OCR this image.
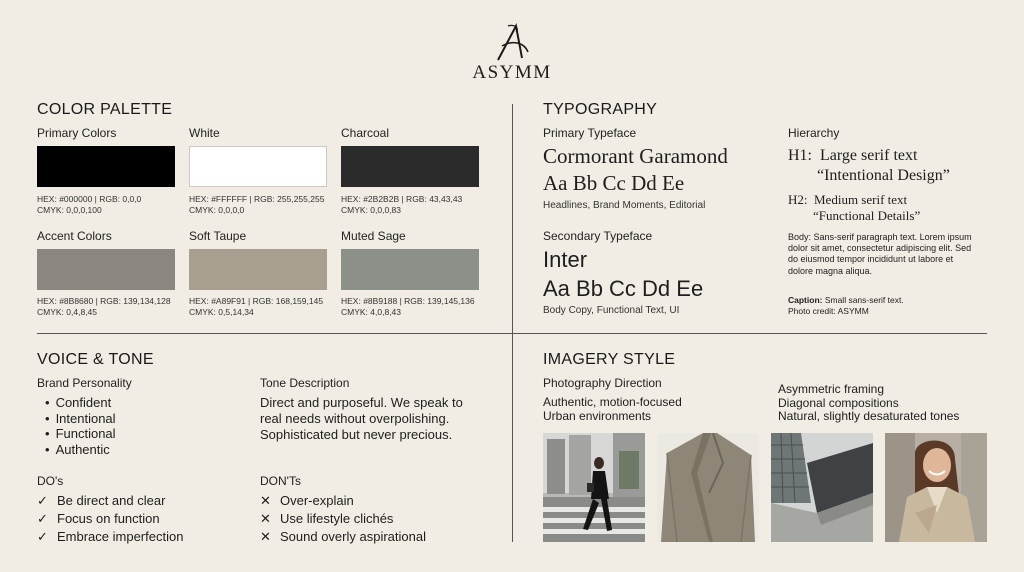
ASYMM
COLOR PALETTE
Primary Colors	White	Charcoal
HEX: #000000 | RGB: 0,0,0
CMYK: 0,0,0,100
HEX: #FFFFFF | RGB: 255,255,255
CMYK: 0,0,0,0
HEX: #2B2B2B | RGB: 43,43,43
CMYK: 0,0,0,83
Accent Colors	Soft Taupe	Muted Sage
HEX: #8B8680 | RGB: 139,134,128
CMYK: 0,4,8,45
HEX: #A89F91 | RGB: 168,159,145
CMYK: 0,5,14,34
HEX: #8B9188 | RGB: 139,145,136
CMYK: 4,0,8,43
TYPOGRAPHY
Primary Typeface
Cormorant Garamond
Aa Bb Cc Dd Ee
Headlines, Brand Moments, Editorial
Secondary Typeface
Inter
Aa Bb Cc Dd Ee
Body Copy, Functional Text, UI
Hierarchy
H1: Large serif text
“Intentional Design”
H2: Medium serif text
“Functional Details”
Body: Sans-serif paragraph text. Lorem ipsum dolor sit amet, consectetur adipiscing elit. Sed do eiusmod tempor incididunt ut labore et dolore magna aliqua.
Caption: Small sans-serif text.
Photo credit: ASYMM
VOICE & TONE
Brand Personality
• Confident
• Intentional
• Functional
• Authentic
Tone Description
Direct and purposeful. We speak to
real needs without overpolishing.
Sophisticated but never precious.
DO's
✓ Be direct and clear
✓ Focus on function
✓ Embrace imperfection
DON'Ts
✕ Over-explain
✕ Use lifestyle clichés
✕ Sound overly aspirational
IMAGERY STYLE
Photography Direction
Authentic, motion-focused
Urban environments
Asymmetric framing
Diagonal compositions
Natural, slightly desaturated tones
